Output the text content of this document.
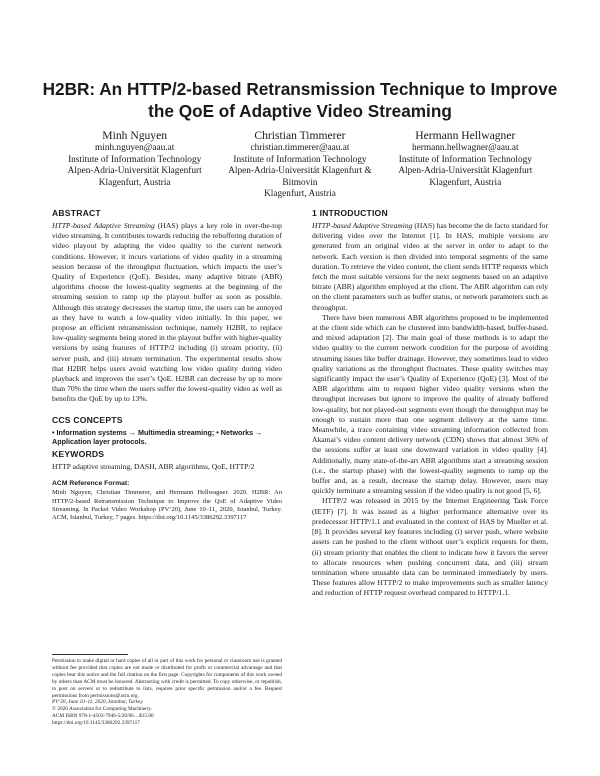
H2BR: An HTTP/2-based Retransmission Technique to Improve the QoE of Adaptive Video Streaming
Minh Nguyen
minh.nguyen@aau.at
Institute of Information Technology
Alpen-Adria-Universität Klagenfurt
Klagenfurt, Austria
Christian Timmerer
christian.timmerer@aau.at
Institute of Information Technology
Alpen-Adria-Universität Klagenfurt &
Bitmovin
Klagenfurt, Austria
Hermann Hellwagner
hermann.hellwagner@aau.at
Institute of Information Technology
Alpen-Adria-Universität Klagenfurt
Klagenfurt, Austria
ABSTRACT

HTTP-based Adaptive Streaming (HAS) plays a key role in over-the-top video streaming. It contributes towards reducing the rebuffering duration of video playout by adapting the video quality to the current network conditions. However, it incurs variations of video quality in a streaming session because of the throughput fluctuation, which impacts the user’s Quality of Experience (QoE). Besides, many adaptive bitrate (ABR) algorithms choose the lowest-quality segments at the beginning of the streaming session to ramp up the playout buffer as soon as possible. Although this strategy decreases the startup time, the users can be annoyed as they have to watch a low-quality video initially. In this paper, we propose an efficient retransmission technique, namely H2BR, to replace low-quality segments being stored in the playout buffer with higher-quality versions by using features of HTTP/2 including (i) stream priority, (ii) server push, and (iii) stream termination. The experimental results show that H2BR helps users avoid watching low video quality during video playback and improves the user’s QoE. H2BR can decrease by up to more than 70% the time when the users suffer the lowest-quality video as well as benefits the QoE by up to 13%.

CCS CONCEPTS
• Information systems → Multimedia streaming; • Networks → Application layer protocols.
KEYWORDS

HTTP adaptive streaming, DASH, ABR algorithms, QoE, HTTP/2

ACM Reference Format:

Minh Nguyen, Christian Timmerer, and Hermann Hellwagner. 2020. H2BR: An HTTP/2-based Retransmission Technique to Improve the QoE of Adaptive Video Streaming. In Packet Video Workshop (PV’20), June 10–11, 2020, Istanbul, Turkey. ACM, Istanbul, Turkey, 7 pages. https://doi.org/10.1145/3386292.3397117

Permission to make digital or hard copies of all or part of this work for personal or classroom use is granted without fee provided that copies are not made or distributed for profit or commercial advantage and that copies bear this notice and the full citation on the first page. Copyrights for components of this work owned by others than ACM must be honored. Abstracting with credit is permitted. To copy otherwise, or republish, to post on servers or to redistribute to lists, requires prior specific permission and/or a fee. Request permissions from permissions@acm.org.
PV’20, June 10–11, 2020, Istanbul, Turkey
© 2020 Association for Computing Machinery.
ACM ISBN 978-1-4503-7946-5/20/06…$15.00
https://doi.org/10.1145/3386292.3397117
1 INTRODUCTION

HTTP-based Adaptive Streaming (HAS) has become the de facto standard for delivering video over the Internet [1]. In HAS, multiple versions are generated from an original video at the server in order to adapt to the network. Each version is then divided into temporal segments of the same duration. To retrieve the video content, the client sends HTTP requests which fetch the most suitable versions for the next segments based on an adaptive bitrate (ABR) algorithm employed at the client. The ABR algorithm can rely on the client parameters such as buffer status, or network parameters such as throughput.

There have been numerous ABR algorithms proposed to be implemented at the client side which can be clustered into bandwidth-based, buffer-based, and mixed adaptation [2]. The main goal of these methods is to adapt the video quality to the current network condition for the purpose of avoiding streaming issues like buffer drainage. However, they sometimes lead to video quality variations as the throughput fluctuates. These quality switches may significantly impact the user’s Quality of Experience (QoE) [3]. Most of the ABR algorithms aim to request higher video quality versions when the throughput increases but ignore to improve the quality of already buffered low-quality, but not played-out segments even though the throughput may be enough to sustain more than one segment delivery at the same time. Meanwhile, a trace containing video streaming information collected from Akamai’s video content delivery network (CDN) shows that almost 36% of the sessions suffer at least one downward variation in video quality [4]. Additionally, many state-of-the-art ABR algorithms start a streaming session (i.e., the startup phase) with the lowest-quality segments to ramp up the buffer and, as a result, decrease the startup delay. However, users may quickly terminate a streaming session if the video quality is not good [5, 6].

HTTP/2 was released in 2015 by the Internet Engineering Task Force (IETF) [7]. It was issued as a higher performance alternative over its predecessor HTTP/1.1 and evaluated in the context of HAS by Mueller et al. [8]. It provides several key features including (i) server push, where website assets can be pushed to the client without user’s explicit requests for them, (ii) stream priority that enables the client to indicate how it favors the server to allocate resources when pushing concurrent data, and (iii) stream termination where unusable data can be terminated immediately by users. These features allow HTTP/2 to make improvements such as smaller latency and reduction of HTTP request overhead compared to HTTP/1.1.
